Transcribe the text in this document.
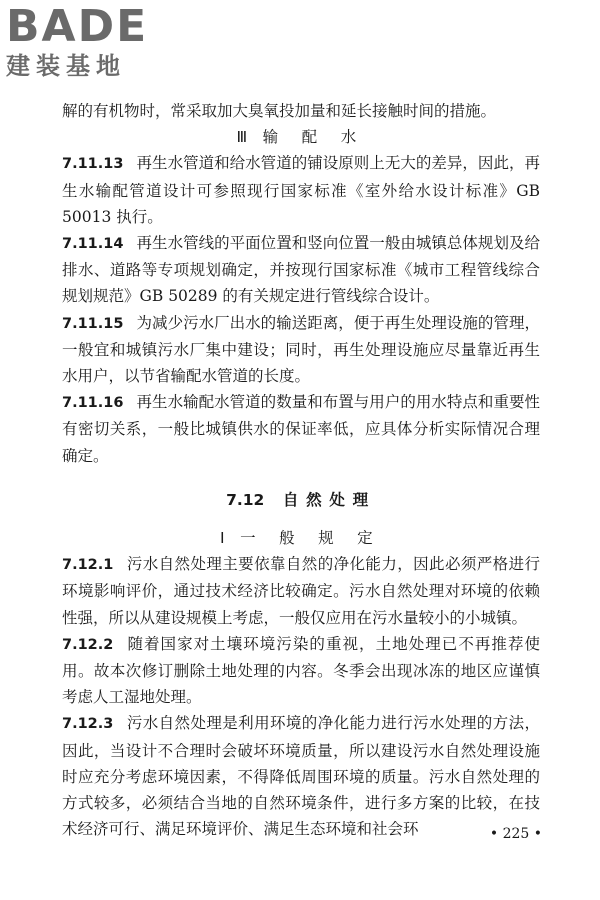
BADE
建装基地

解的有机物时，常采取加大臭氧投加量和延长接触时间的措施。

Ⅲ 输 配 水

7.11.13 再生水管道和给水管道的铺设原则上无大的差异，因此，再生水输配管道设计可参照现行国家标准《室外给水设计标准》GB 50013 执行。

7.11.14 再生水管线的平面位置和竖向位置一般由城镇总体规划及给排水、道路等专项规划确定，并按现行国家标准《城市工程管线综合规划规范》GB 50289 的有关规定进行管线综合设计。

7.11.15 为减少污水厂出水的输送距离，便于再生处理设施的管理，一般宜和城镇污水厂集中建设；同时，再生处理设施应尽量靠近再生水用户，以节省输配水管道的长度。

7.11.16 再生水输配水管道的数量和布置与用户的用水特点和重要性有密切关系，一般比城镇供水的保证率低，应具体分析实际情况合理确定。

7.12 自然处理

Ⅰ 一 般 规 定

7.12.1 污水自然处理主要依靠自然的净化能力，因此必须严格进行环境影响评价，通过技术经济比较确定。污水自然处理对环境的依赖性强，所以从建设规模上考虑，一般仅应用在污水量较小的小城镇。

7.12.2 随着国家对土壤环境污染的重视，土地处理已不再推荐使用。故本次修订删除土地处理的内容。冬季会出现冰冻的地区应谨慎考虑人工湿地处理。

7.12.3 污水自然处理是利用环境的净化能力进行污水处理的方法，因此，当设计不合理时会破坏环境质量，所以建设污水自然处理设施时应充分考虑环境因素，不得降低周围环境的质量。污水自然处理的方式较多，必须结合当地的自然环境条件，进行多方案的比较，在技术经济可行、满足环境评价、满足生态环境和社会环	• 225 •
